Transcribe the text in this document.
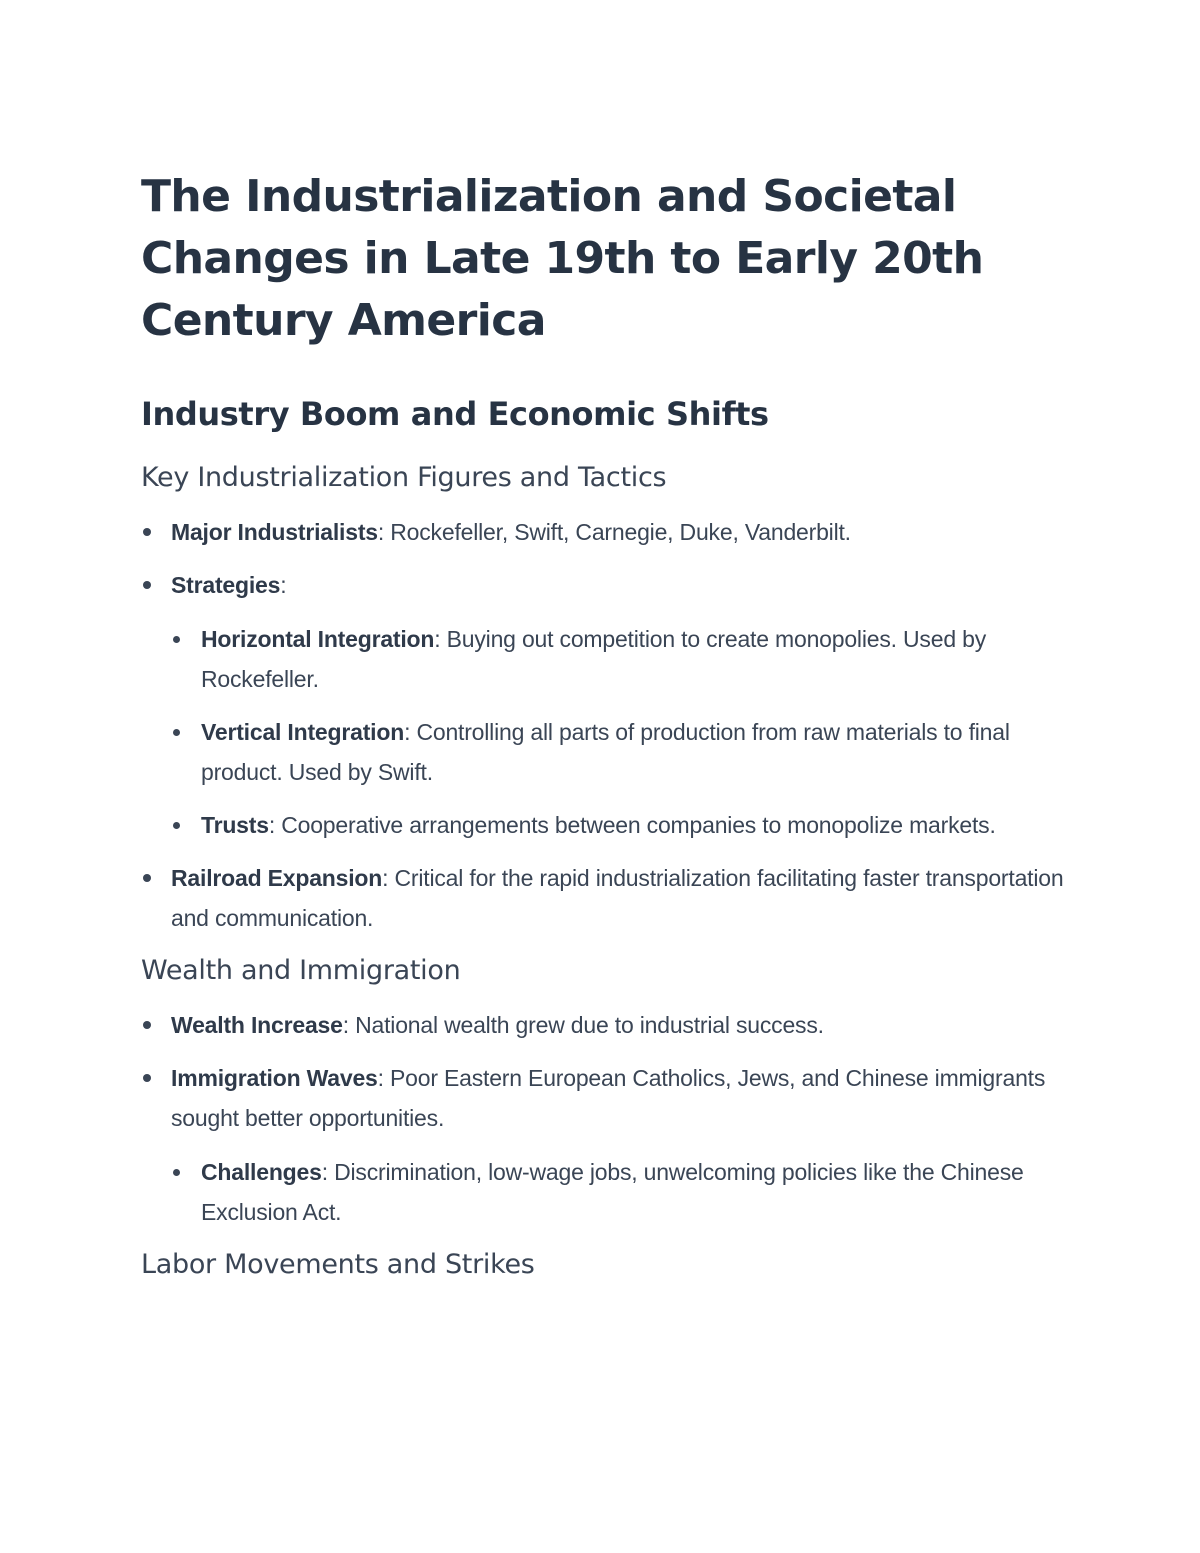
The Industrialization and Societal Changes in Late 19th to Early 20th Century America
Industry Boom and Economic Shifts
Key Industrialization Figures and Tactics
Major Industrialists: Rockefeller, Swift, Carnegie, Duke, Vanderbilt.
Strategies:
Horizontal Integration: Buying out competition to create monopolies. Used by Rockefeller.
Vertical Integration: Controlling all parts of production from raw materials to final product. Used by Swift.
Trusts: Cooperative arrangements between companies to monopolize markets.
Railroad Expansion: Critical for the rapid industrialization facilitating faster transportation and communication.
Wealth and Immigration
Wealth Increase: National wealth grew due to industrial success.
Immigration Waves: Poor Eastern European Catholics, Jews, and Chinese immigrants sought better opportunities.
Challenges: Discrimination, low-wage jobs, unwelcoming policies like the Chinese Exclusion Act.
Labor Movements and Strikes
